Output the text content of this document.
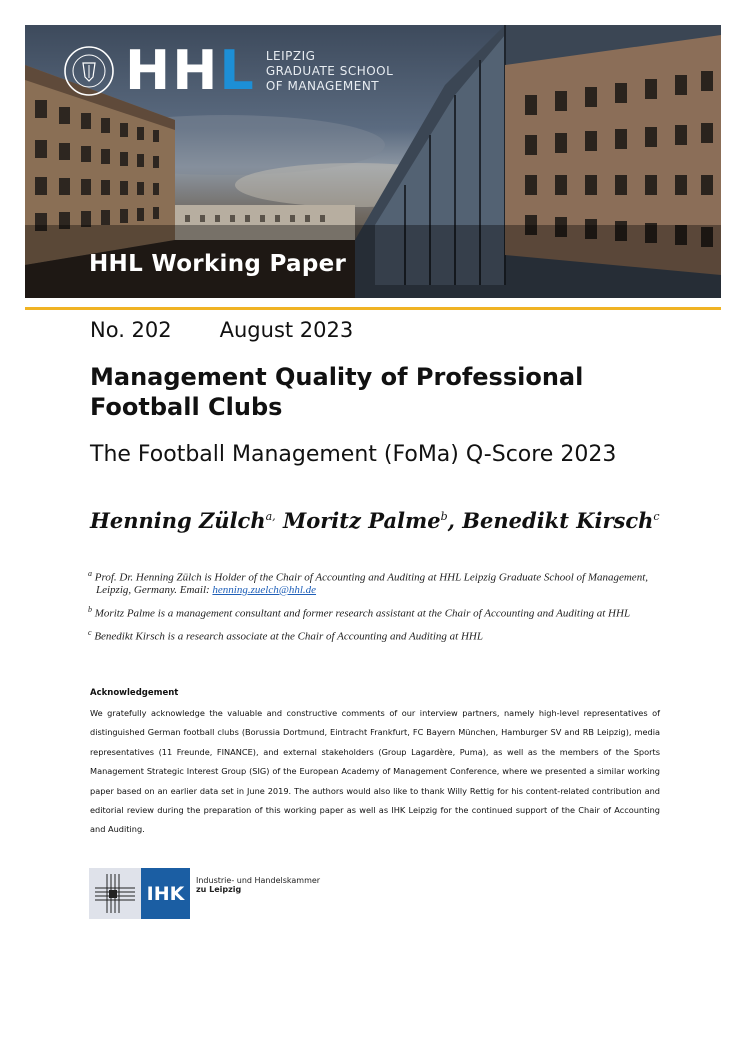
HHL LEIPZIG
GRADUATE SCHOOL
OF MANAGEMENT
HHL Working Paper
No. 202 August 2023
Management Quality of Professional Football Clubs
The Football Management (FoMa) Q-Score 2023
Henning Zülch$^{a,}$ Moritz Palme$^b$, Benedikt Kirsch$^c$
$^a$ Prof. Dr. Henning Zülch is Holder of the Chair of Accounting and Auditing at HHL Leipzig Graduate School of Management, Leipzig, Germany. Email: henning.zuelch@hhl.de
$^b$ Moritz Palme is a management consultant and former research assistant at the Chair of Accounting and Auditing at HHL
$^c$ Benedikt Kirsch is a research associate at the Chair of Accounting and Auditing at HHL
Acknowledgement
We gratefully acknowledge the valuable and constructive comments of our interview partners, namely high-level representatives of distinguished German football clubs (Borussia Dortmund, Eintracht Frankfurt, FC Bayern München, Hamburger SV and RB Leipzig), media representatives (11 Freunde, FINANCE), and external stakeholders (Group Lagardère, Puma), as well as the members of the Sports Management Strategic Interest Group (SIG) of the European Academy of Management Conference, where we presented a similar working paper based on an earlier data set in June 2019. The authors would also like to thank Willy Rettig for his content-related contribution and editorial review during the preparation of this working paper as well as IHK Leipzig for the continued support of the Chair of Accounting and Auditing.
IHK
Industrie- und Handelskammer
zu Leipzig
